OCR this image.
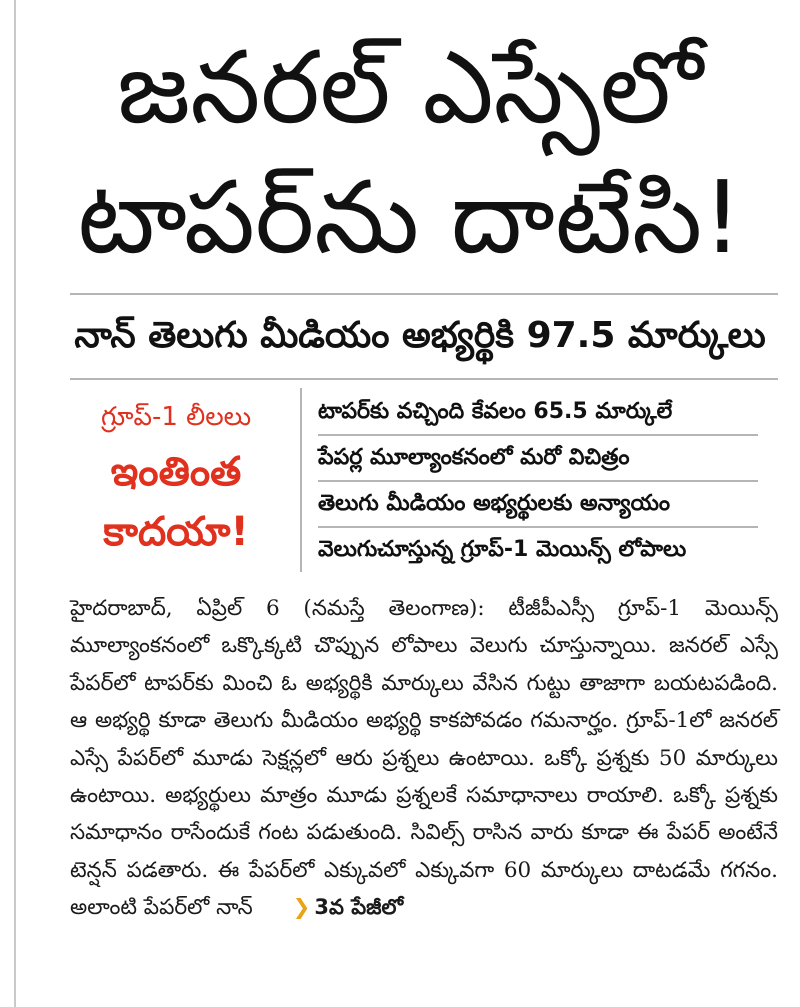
జనరల్ ఎస్సేలో
టాపర్‌ను దాటేసి!
నాన్ తెలుగు మీడియం అభ్యర్థికి 97.5 మార్కులు
గ్రూప్-1 లీలలు
ఇంతింత
కాదయా!
టాపర్‌కు వచ్చింది కేవలం 65.5 మార్కులే
పేపర్ల మూల్యాంకనంలో మరో విచిత్రం
తెలుగు మీడియం అభ్యర్థులకు అన్యాయం
వెలుగుచూస్తున్న గ్రూప్-1 మెయిన్స్ లోపాలు

హైదరాబాద్, ఏప్రిల్ 6 (నమస్తే తెలంగాణ): టీజీపీఎస్సీ గ్రూప్-1 మెయిన్స్ మూల్యాంకనంలో ఒక్కొక్కటి చొప్పున లోపాలు వెలుగు చూస్తున్నాయి. జనరల్ ఎస్సే పేపర్‌లో టాపర్‌కు మించి ఓ అభ్యర్థికి మార్కులు వేసిన గుట్టు తాజాగా బయటపడింది. ఆ అభ్యర్థి కూడా తెలుగు మీడియం అభ్యర్థి కాకపోవడం గమనార్హం. గ్రూప్-1లో జనరల్ ఎస్సే పేపర్‌లో మూడు సెక్షన్లలో ఆరు ప్రశ్నలు ఉంటాయి. ఒక్కో ప్రశ్నకు 50 మార్కులు ఉంటాయి. అభ్యర్థులు మాత్రం మూడు ప్రశ్నలకే సమాధానాలు రాయాలి. ఒక్కో ప్రశ్నకు సమాధానం రాసేందుకే గంట పడుతుంది. సివిల్స్ రాసిన వారు కూడా ఈ పేపర్ అంటేనే టెన్షన్ పడతారు. ఈ పేపర్‌లో ఎక్కువలో ఎక్కువగా 60 మార్కులు దాటడమే గగనం. అలాంటి పేపర్‌లో నాన్ ❯ 3వ పేజీలో
